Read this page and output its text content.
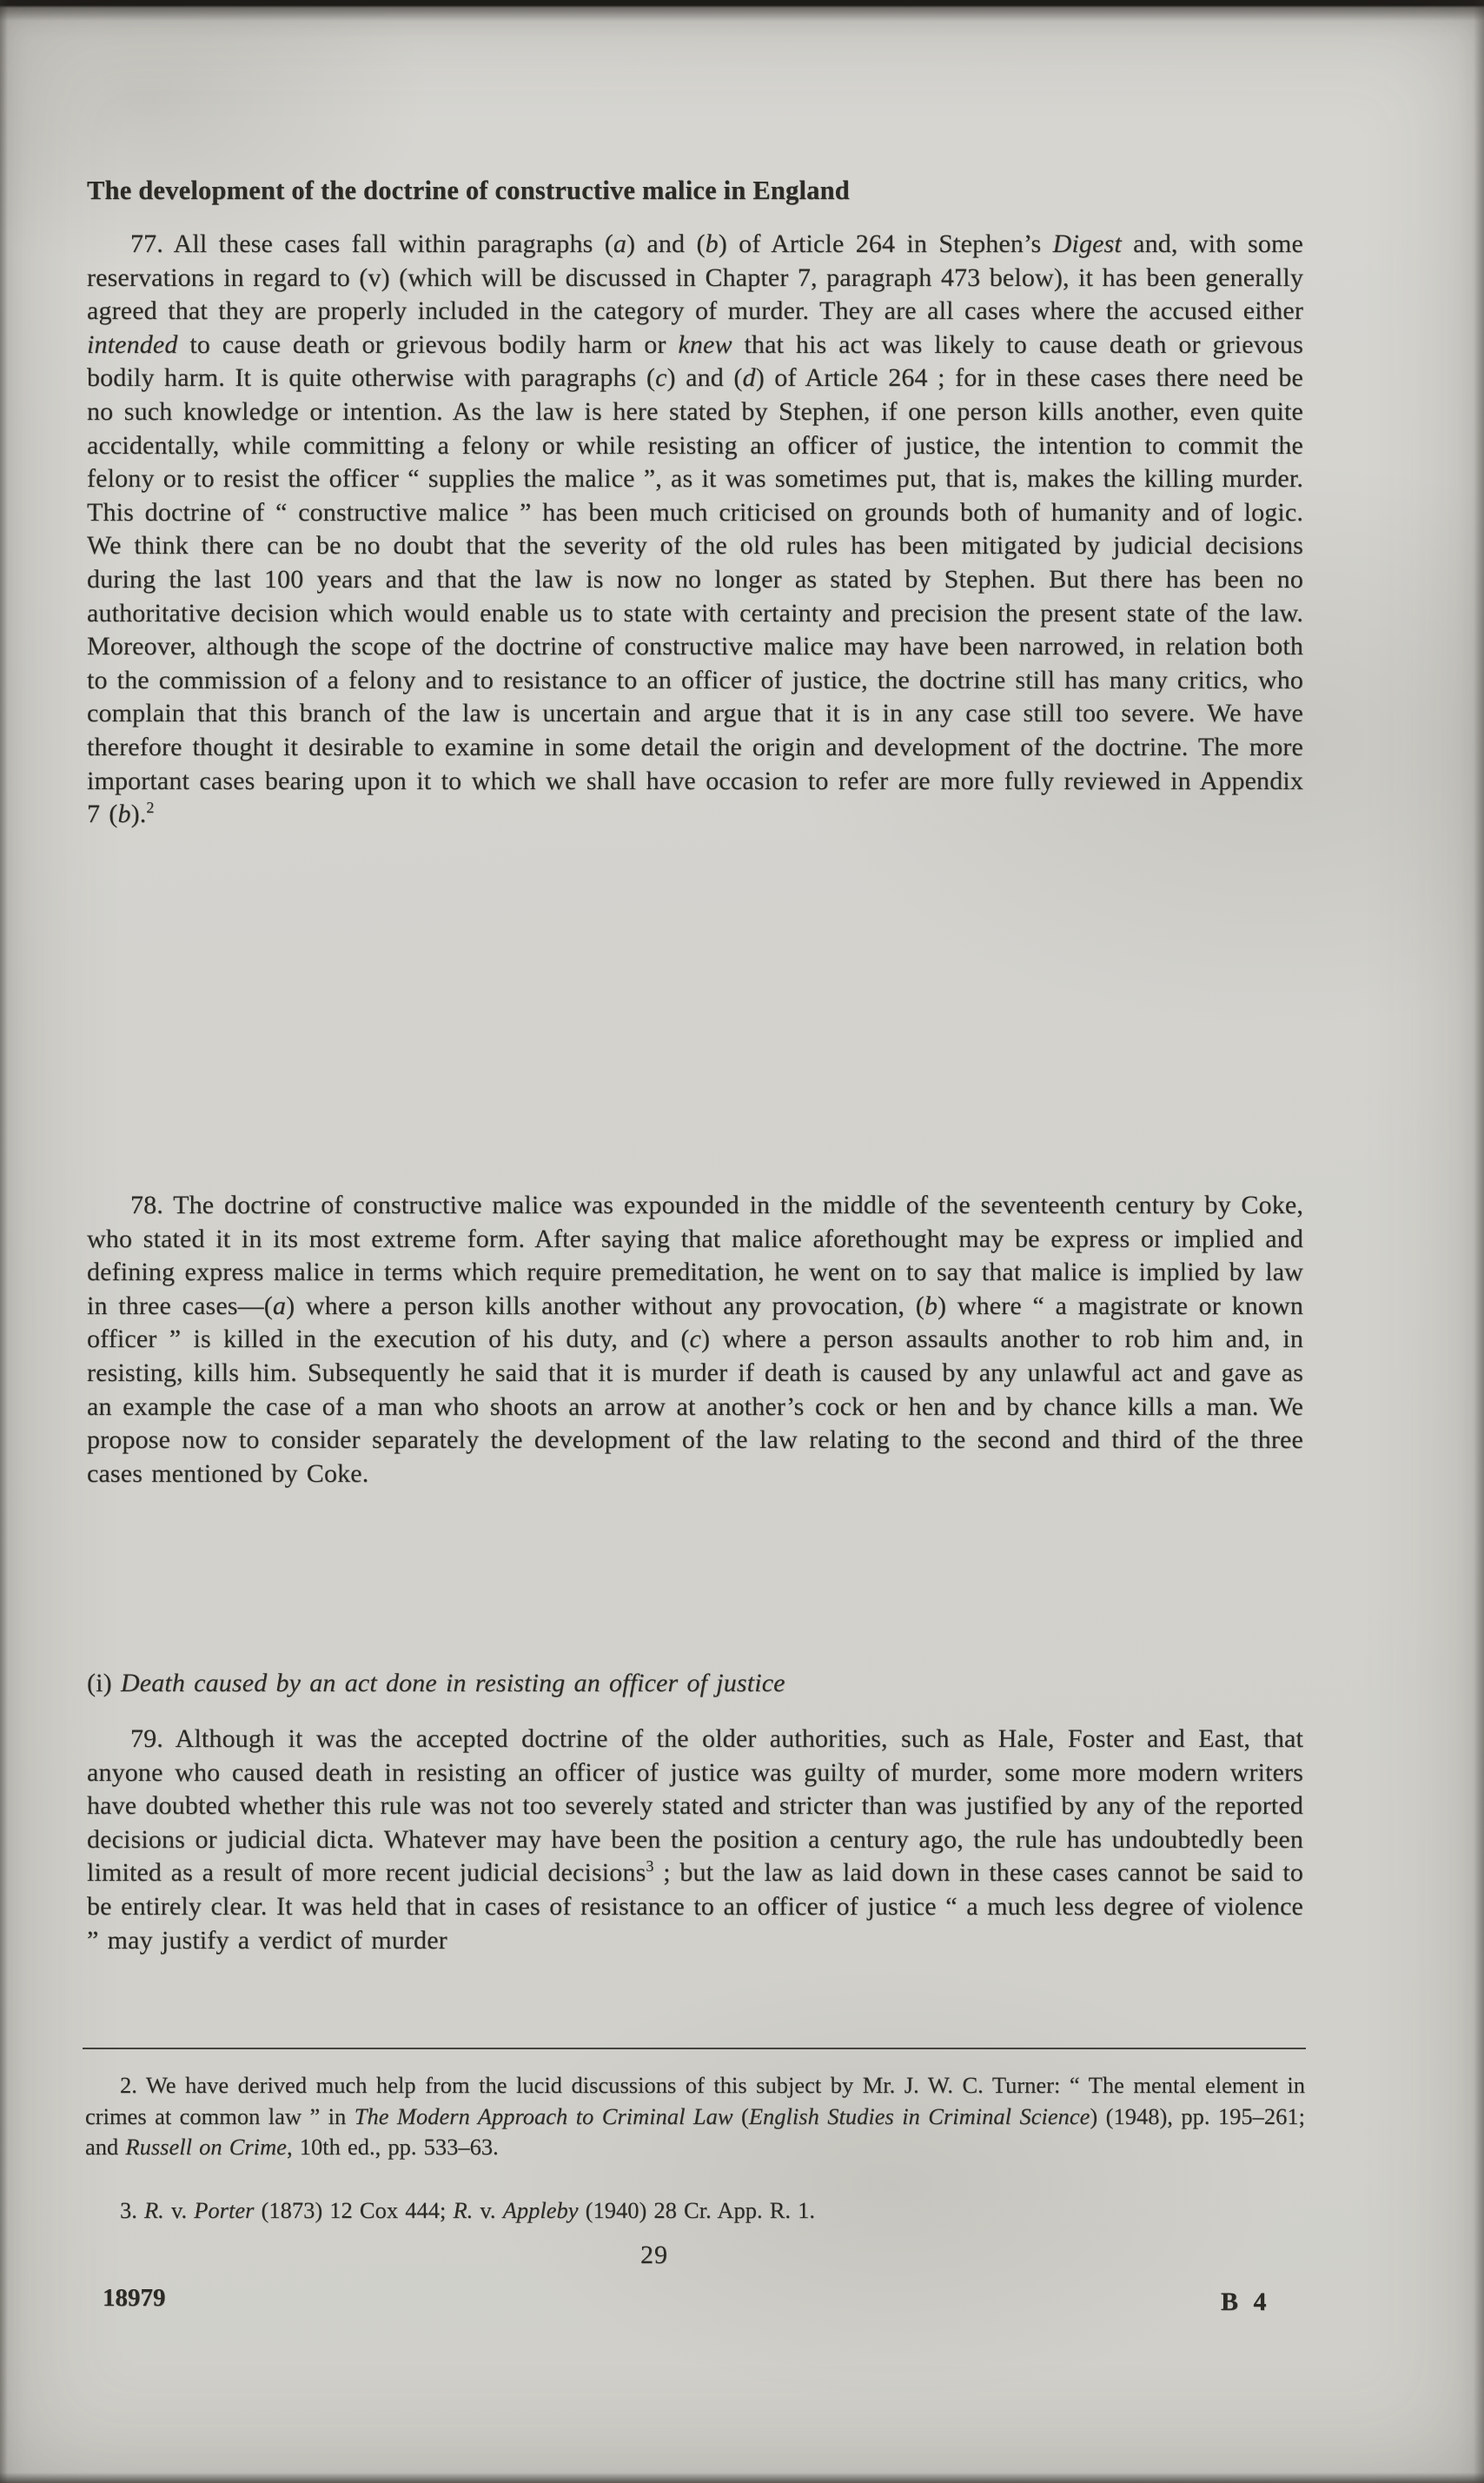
The development of the doctrine of constructive malice in England

77. All these cases fall within paragraphs (a) and (b) of Article 264 in Stephen’s Digest and, with some reservations in regard to (v) (which will be discussed in Chapter 7, paragraph 473 below), it has been generally agreed that they are properly included in the category of murder. They are all cases where the accused either intended to cause death or grievous bodily harm or knew that his act was likely to cause death or grievous bodily harm. It is quite otherwise with paragraphs (c) and (d) of Article 264 ; for in these cases there need be no such knowledge or intention. As the law is here stated by Stephen, if one person kills another, even quite accidentally, while committing a felony or while resisting an officer of justice, the intention to commit the felony or to resist the officer “ supplies the malice ”, as it was sometimes put, that is, makes the killing murder. This doctrine of “ constructive malice ” has been much criticised on grounds both of humanity and of logic. We think there can be no doubt that the severity of the old rules has been mitigated by judicial decisions during the last 100 years and that the law is now no longer as stated by Stephen. But there has been no authoritative decision which would enable us to state with certainty and precision the present state of the law. Moreover, although the scope of the doctrine of constructive malice may have been narrowed, in relation both to the commission of a felony and to resistance to an officer of justice, the doctrine still has many critics, who complain that this branch of the law is uncertain and argue that it is in any case still too severe. We have therefore thought it desirable to examine in some detail the origin and development of the doctrine. The more important cases bearing upon it to which we shall have occasion to refer are more fully reviewed in Appendix 7 (b).$^2$

78. The doctrine of constructive malice was expounded in the middle of the seventeenth century by Coke, who stated it in its most extreme form. After saying that malice aforethought may be express or implied and defining express malice in terms which require premeditation, he went on to say that malice is implied by law in three cases—(a) where a person kills another without any provocation, (b) where “ a magistrate or known officer ” is killed in the execution of his duty, and (c) where a person assaults another to rob him and, in resisting, kills him. Subsequently he said that it is murder if death is caused by any unlawful act and gave as an example the case of a man who shoots an arrow at another’s cock or hen and by chance kills a man. We propose now to consider separately the development of the law relating to the second and third of the three cases mentioned by Coke.

(i) Death caused by an act done in resisting an officer of justice

79. Although it was the accepted doctrine of the older authorities, such as Hale, Foster and East, that anyone who caused death in resisting an officer of justice was guilty of murder, some more modern writers have doubted whether this rule was not too severely stated and stricter than was justified by any of the reported decisions or judicial dicta. Whatever may have been the position a century ago, the rule has undoubtedly been limited as a result of more recent judicial decisions$^3$ ; but the law as laid down in these cases cannot be said to be entirely clear. It was held that in cases of resistance to an officer of justice “ a much less degree of violence ” may justify a verdict of murder

2. We have derived much help from the lucid discussions of this subject by Mr. J. W. C. Turner: “ The mental element in crimes at common law ” in The Modern Approach to Criminal Law (English Studies in Criminal Science) (1948), pp. 195–261; and Russell on Crime, 10th ed., pp. 533–63.

3. R. v. Porter (1873) 12 Cox 444; R. v. Appleby (1940) 28 Cr. App. R. 1.

29
18979	B 4
